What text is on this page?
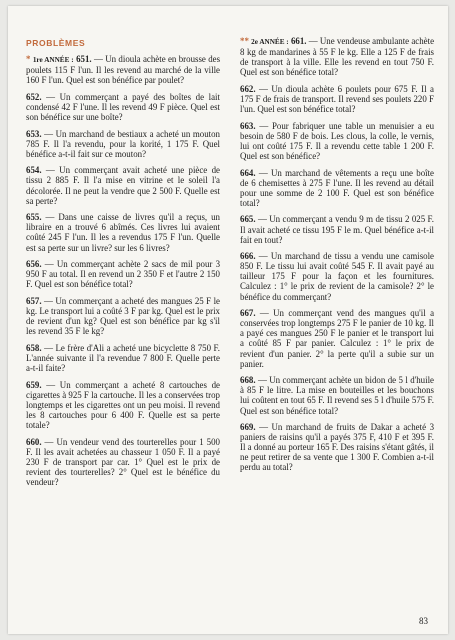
PROBLÈMES

* 1re ANNÉE : 651. — Un dioula achète en brousse des poulets 115 F l'un. Il les revend au marché de la ville 160 F l'un. Quel est son bénéfice par poulet?

652. — Un commerçant a payé des boîtes de lait condensé 42 F l'une. Il les revend 49 F pièce. Quel est son bénéfice sur une boîte?

653. — Un marchand de bestiaux a acheté un mouton 785 F. Il l'a revendu, pour la korité, 1 175 F. Quel bénéfice a-t-il fait sur ce mouton?

654. — Un commerçant avait acheté une pièce de tissu 2 885 F. Il l'a mise en vitrine et le soleil l'a décolorée. Il ne peut la vendre que 2 500 F. Quelle est sa perte?

655. — Dans une caisse de livres qu'il a reçus, un libraire en a trouvé 6 abîmés. Ces livres lui avaient coûté 245 F l'un. Il les a revendus 175 F l'un. Quelle est sa perte sur un livre? sur les 6 livres?

656. — Un commerçant achète 2 sacs de mil pour 3 950 F au total. Il en revend un 2 350 F et l'autre 2 150 F. Quel est son bénéfice total?

657. — Un commerçant a acheté des mangues 25 F le kg. Le transport lui a coûté 3 F par kg. Quel est le prix de revient d'un kg? Quel est son bénéfice par kg s'il les revend 35 F le kg?

658. — Le frère d'Ali a acheté une bicyclette 8 750 F. L'année suivante il l'a revendue 7 800 F. Quelle perte a-t-il faite?

659. — Un commerçant a acheté 8 cartouches de cigarettes à 925 F la cartouche. Il les a conservées trop longtemps et les cigarettes ont un peu moisi. Il revend les 8 cartouches pour 6 400 F. Quelle est sa perte totale?

660. — Un vendeur vend des tourterelles pour 1 500 F. Il les avait achetées au chasseur 1 050 F. Il a payé 230 F de transport par car. 1° Quel est le prix de revient des tourterelles? 2° Quel est le bénéfice du vendeur?

** 2e ANNÉE : 661. — Une vendeuse ambulante achète 8 kg de mandarines à 55 F le kg. Elle a 125 F de frais de transport à la ville. Elle les revend en tout 750 F. Quel est son bénéfice total?

662. — Un dioula achète 6 poulets pour 675 F. Il a 175 F de frais de transport. Il revend ses poulets 220 F l'un. Quel est son bénéfice total?

663. — Pour fabriquer une table un menuisier a eu besoin de 580 F de bois. Les clous, la colle, le vernis, lui ont coûté 175 F. Il a revendu cette table 1 200 F. Quel est son bénéfice?

664. — Un marchand de vêtements a reçu une boîte de 6 chemisettes à 275 F l'une. Il les revend au détail pour une somme de 2 100 F. Quel est son bénéfice total?

665. — Un commerçant a vendu 9 m de tissu 2 025 F. Il avait acheté ce tissu 195 F le m. Quel bénéfice a-t-il fait en tout?

666. — Un marchand de tissu a vendu une camisole 850 F. Le tissu lui avait coûté 545 F. Il avait payé au tailleur 175 F pour la façon et les fournitures. Calculez : 1° le prix de revient de la camisole? 2° le bénéfice du commerçant?

667. — Un commerçant vend des mangues qu'il a conservées trop longtemps 275 F le panier de 10 kg. Il a payé ces mangues 250 F le panier et le transport lui a coûté 85 F par panier. Calculez : 1° le prix de revient d'un panier. 2° la perte qu'il a subie sur un panier.

668. — Un commerçant achète un bidon de 5 l d'huile à 85 F le litre. La mise en bouteilles et les bouchons lui coûtent en tout 65 F. Il revend ses 5 l d'huile 575 F. Quel est son bénéfice total?

669. — Un marchand de fruits de Dakar a acheté 3 paniers de raisins qu'il a payés 375 F, 410 F et 395 F. Il a donné au porteur 165 F. Des raisins s'étant gâtés, il ne peut retirer de sa vente que 1 300 F. Combien a-t-il perdu au total?

83
